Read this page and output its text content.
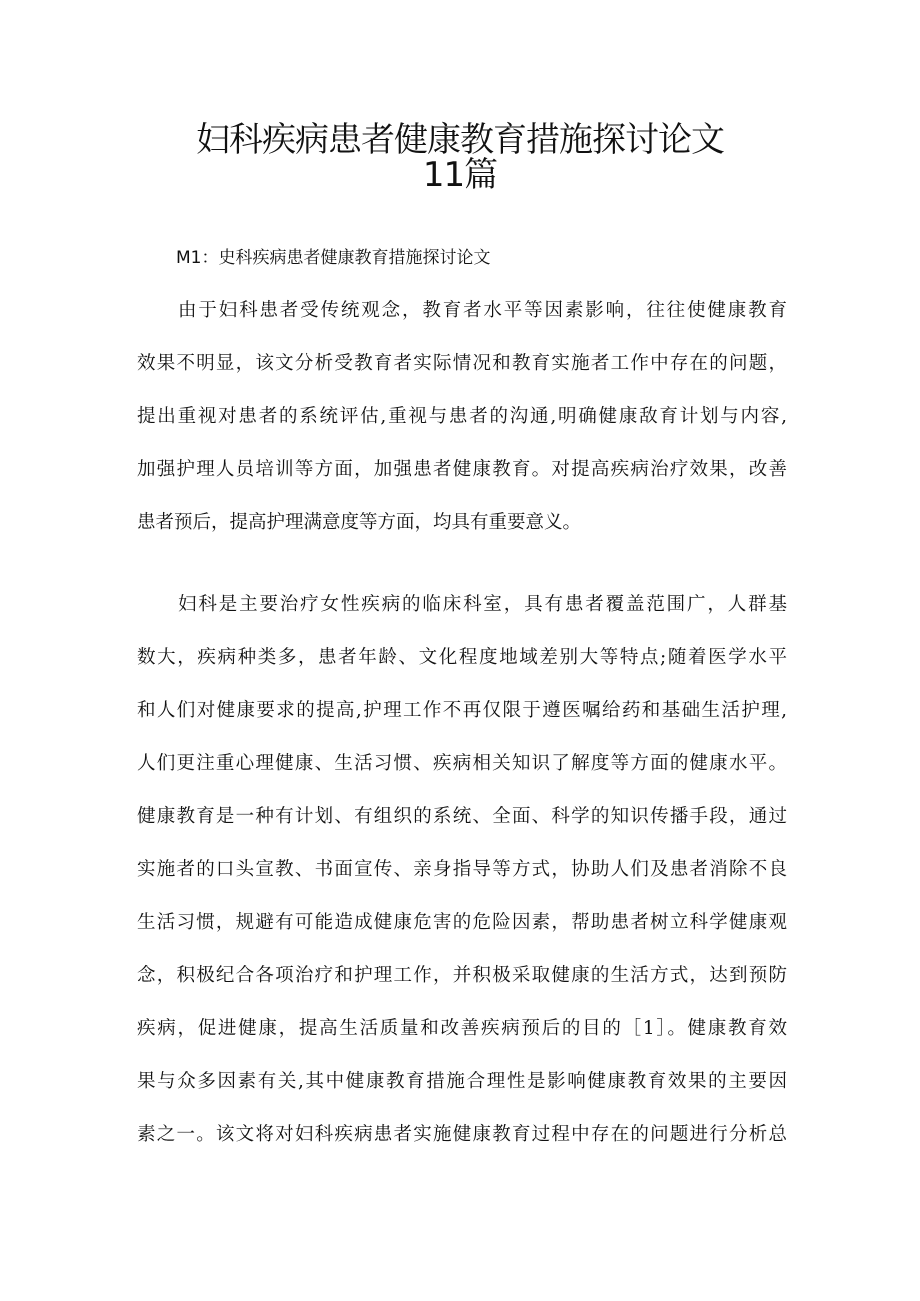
妇科疾病患者健康教育措施探讨论文
11篇

M1：史科疾病患者健康教育措施探讨论文

由于妇科患者受传统观念，教育者水平等因素影响，往往使健康教育
效果不明显，该文分析受教育者实际情况和教育实施者工作中存在的问题，
提出重视对患者的系统评估,重视与患者的沟通,明确健康敌育计划与内容,
加强护理人员培训等方面，加强患者健康教育。对提高疾病治疗效果，改善
患者预后，提高护理满意度等方面，均具有重要意义。
妇科是主要治疗女性疾病的临床科室，具有患者覆盖范围广，人群基
数大，疾病种类多，患者年龄、文化程度地域差别大等特点;随着医学水平
和人们对健康要求的提高,护理工作不再仅限于遵医嘱给药和基础生活护理,
人们更注重心理健康、生活习惯、疾病相关知识了解度等方面的健康水平。
健康教育是一种有计划、有组织的系统、全面、科学的知识传播手段，通过
实施者的口头宣教、书面宣传、亲身指导等方式，协助人们及患者消除不良
生活习惯，规避有可能造成健康危害的危险因素，帮助患者树立科学健康观
念，积极纪合各项治疗和护理工作，并积极采取健康的生活方式，达到预防
疾病，促进健康，提高生活质量和改善疾病预后的目的［1］。健康教育效
果与众多因素有关,其中健康教育措施合理性是影响健康教育效果的主要因
素之一。该文将对妇科疾病患者实施健康教育过程中存在的问题进行分析总
